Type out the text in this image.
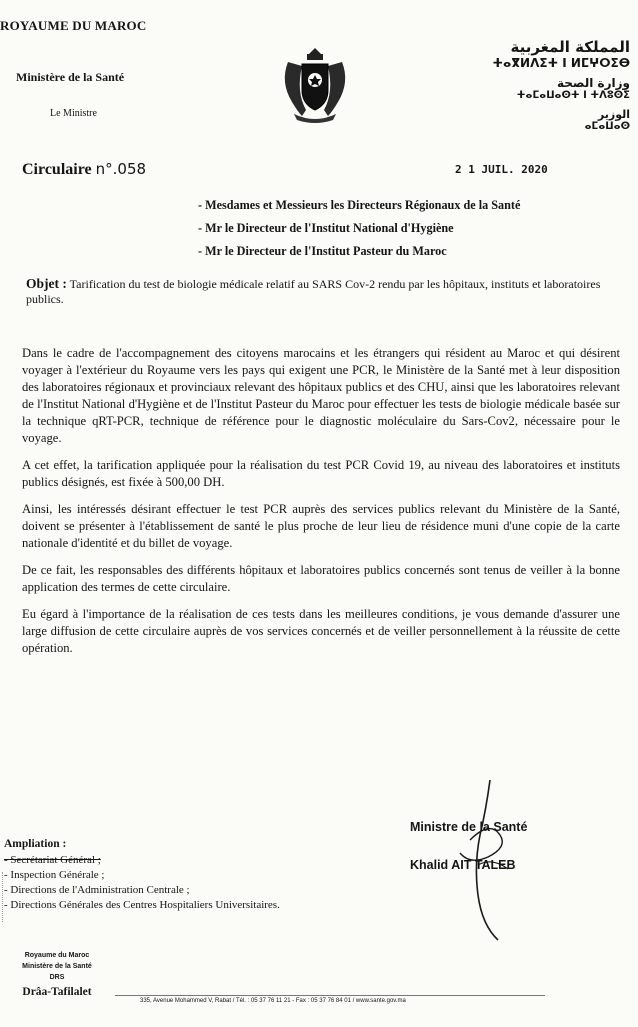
ROYAUME DU MAROC
Ministère de la Santé
Le Ministre
المملكة المغربية
ⵜⴰⴳⵍⴷⵉⵜ ⵏ ⵍⵎⵖⵔⵉⴱ
وزارة الصحة
ⵜⴰⵎⴰⵡⴰⵙⵜ ⵏ ⵜⴷⵓⵙⵉ
الوزير
ⴰⵎⴰⵡⴰⵙ
Circulaire n°.058	2 1 JUIL. 2020
- Mesdames et Messieurs les Directeurs Régionaux de la Santé
- Mr le Directeur de l'Institut National d'Hygiène
- Mr le Directeur de l'Institut Pasteur du Maroc
Objet : Tarification du test de biologie médicale relatif au SARS Cov-2 rendu par les hôpitaux, instituts et laboratoires publics.

Dans le cadre de l'accompagnement des citoyens marocains et les étrangers qui résident au Maroc et qui désirent voyager à l'extérieur du Royaume vers les pays qui exigent une PCR, le Ministère de la Santé met à leur disposition des laboratoires régionaux et provinciaux relevant des hôpitaux publics et des CHU, ainsi que les laboratoires relevant de l'Institut National d'Hygiène et de l'Institut Pasteur du Maroc pour effectuer les tests de biologie médicale basée sur la technique qRT-PCR, technique de référence pour le diagnostic moléculaire du Sars-Cov2, nécessaire pour le voyage.

A cet effet, la tarification appliquée pour la réalisation du test PCR Covid 19, au niveau des laboratoires et instituts publics désignés, est fixée à 500,00 DH.

Ainsi, les intéressés désirant effectuer le test PCR auprès des services publics relevant du Ministère de la Santé, doivent se présenter à l'établissement de santé le plus proche de leur lieu de résidence muni d'une copie de la carte nationale d'identité et du billet de voyage.

De ce fait, les responsables des différents hôpitaux et laboratoires publics concernés sont tenus de veiller à la bonne application des termes de cette circulaire.

Eu égard à l'importance de la réalisation de ces tests dans les meilleures conditions, je vous demande d'assurer une large diffusion de cette circulaire auprès de vos services concernés et de veiller personnellement à la réussite de cette opération.

Ministre de la Santé
Khalid AIT TALEB
Ampliation :
- Secrétariat Général ;
- Inspection Générale ;
- Directions de l'Administration Centrale ;
- Directions Générales des Centres Hospitaliers Universitaires.
Royaume du Maroc
Ministère de la Santé
DRS
Drâa-Tafilalet
335, Avenue Mohammed V, Rabat / Tél. : 05 37 76 11 21 - Fax : 05 37 76 84 01 / www.sante.gov.ma
